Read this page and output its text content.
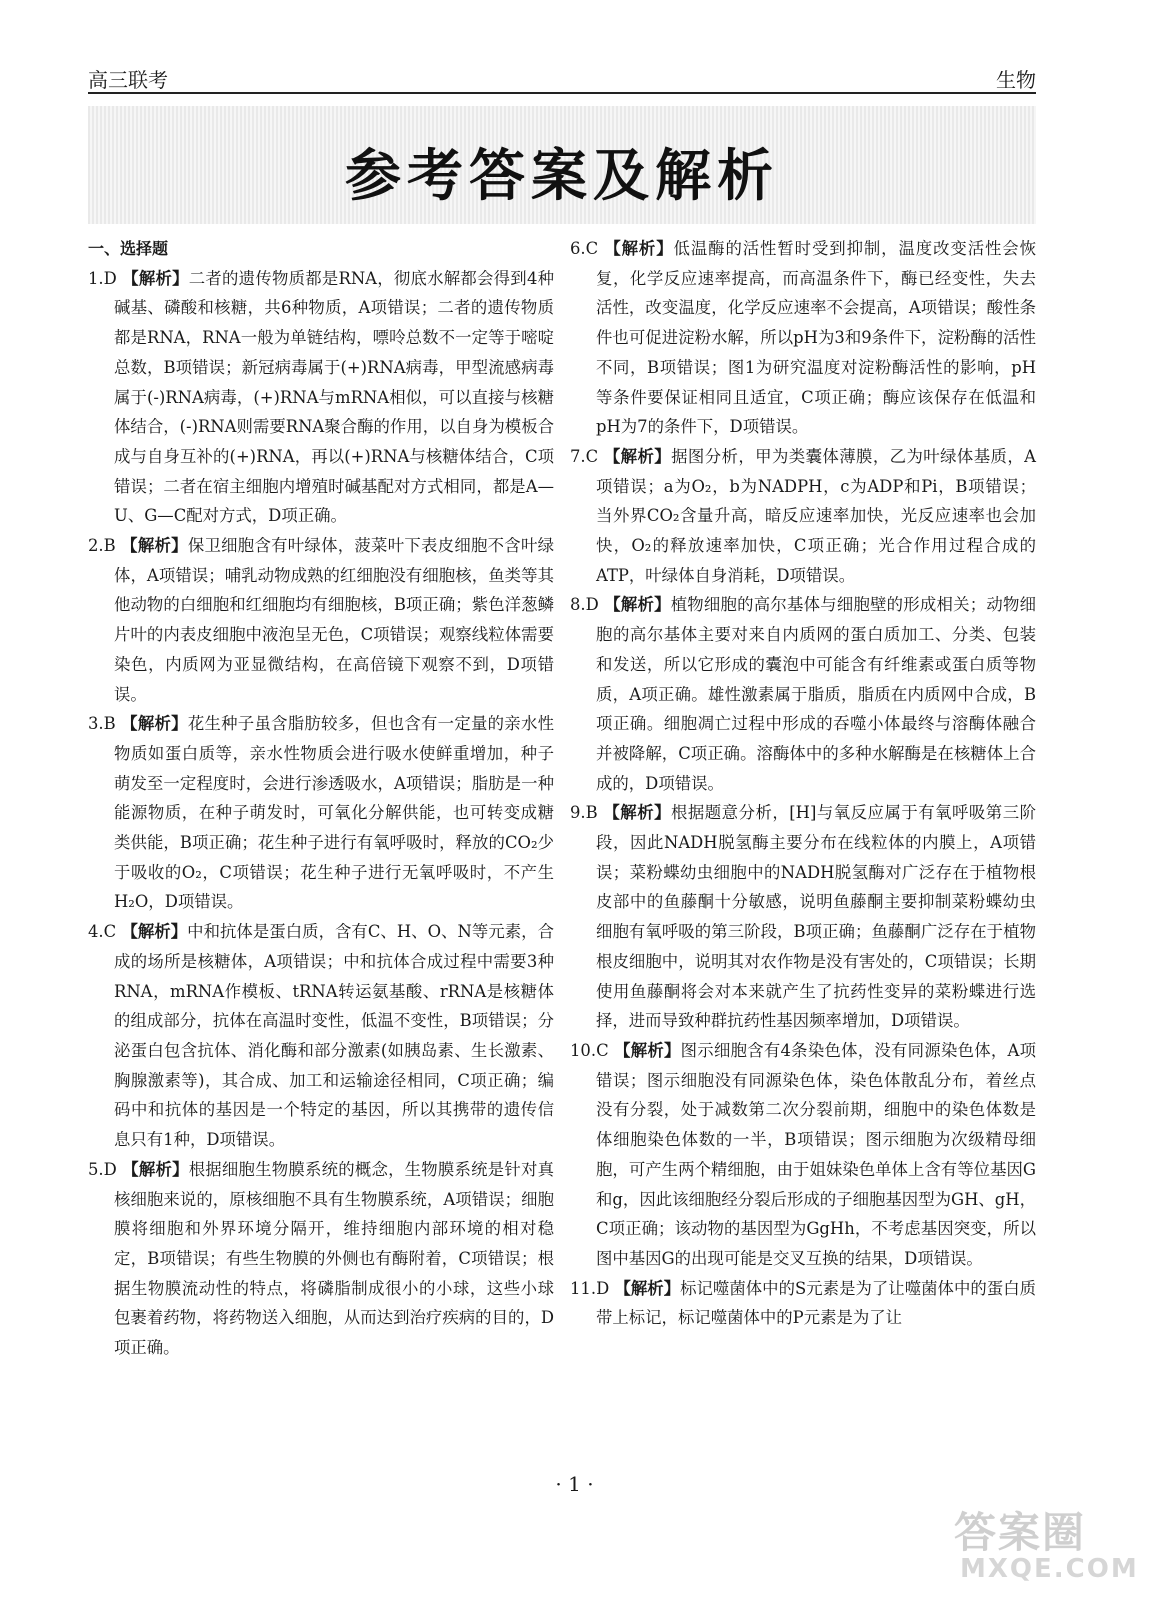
高三联考	生物
参考答案及解析
一、选择题

1.D 【解析】二者的遗传物质都是RNA，彻底水解都会得到4种碱基、磷酸和核糖，共6种物质，A项错误；二者的遗传物质都是RNA，RNA一般为单链结构，嘌呤总数不一定等于嘧啶总数，B项错误；新冠病毒属于(+)RNA病毒，甲型流感病毒属于(-)RNA病毒，(+)RNA与mRNA相似，可以直接与核糖体结合，(-)RNA则需要RNA聚合酶的作用，以自身为模板合成与自身互补的(+)RNA，再以(+)RNA与核糖体结合，C项错误；二者在宿主细胞内增殖时碱基配对方式相同，都是A—U、G—C配对方式，D项正确。

2.B 【解析】保卫细胞含有叶绿体，菠菜叶下表皮细胞不含叶绿体，A项错误；哺乳动物成熟的红细胞没有细胞核，鱼类等其他动物的白细胞和红细胞均有细胞核，B项正确；紫色洋葱鳞片叶的内表皮细胞中液泡呈无色，C项错误；观察线粒体需要染色，内质网为亚显微结构，在高倍镜下观察不到，D项错误。

3.B 【解析】花生种子虽含脂肪较多，但也含有一定量的亲水性物质如蛋白质等，亲水性物质会进行吸水使鲜重增加，种子萌发至一定程度时，会进行渗透吸水，A项错误；脂肪是一种能源物质，在种子萌发时，可氧化分解供能，也可转变成糖类供能，B项正确；花生种子进行有氧呼吸时，释放的CO₂少于吸收的O₂，C项错误；花生种子进行无氧呼吸时，不产生H₂O，D项错误。

4.C 【解析】中和抗体是蛋白质，含有C、H、O、N等元素，合成的场所是核糖体，A项错误；中和抗体合成过程中需要3种RNA，mRNA作模板、tRNA转运氨基酸、rRNA是核糖体的组成部分，抗体在高温时变性，低温不变性，B项错误；分泌蛋白包含抗体、消化酶和部分激素(如胰岛素、生长激素、胸腺激素等)，其合成、加工和运输途径相同，C项正确；编码中和抗体的基因是一个特定的基因，所以其携带的遗传信息只有1种，D项错误。

5.D 【解析】根据细胞生物膜系统的概念，生物膜系统是针对真核细胞来说的，原核细胞不具有生物膜系统，A项错误；细胞膜将细胞和外界环境分隔开，维持细胞内部环境的相对稳定，B项错误；有些生物膜的外侧也有酶附着，C项错误；根据生物膜流动性的特点，将磷脂制成很小的小球，这些小球包裹着药物，将药物送入细胞，从而达到治疗疾病的目的，D项正确。

6.C 【解析】低温酶的活性暂时受到抑制，温度改变活性会恢复，化学反应速率提高，而高温条件下，酶已经变性，失去活性，改变温度，化学反应速率不会提高，A项错误；酸性条件也可促进淀粉水解，所以pH为3和9条件下，淀粉酶的活性不同，B项错误；图1为研究温度对淀粉酶活性的影响，pH等条件要保证相同且适宜，C项正确；酶应该保存在低温和pH为7的条件下，D项错误。

7.C 【解析】据图分析，甲为类囊体薄膜，乙为叶绿体基质，A项错误；a为O₂，b为NADPH，c为ADP和Pi，B项错误；当外界CO₂含量升高，暗反应速率加快，光反应速率也会加快，O₂的释放速率加快，C项正确；光合作用过程合成的ATP，叶绿体自身消耗，D项错误。

8.D 【解析】植物细胞的高尔基体与细胞壁的形成相关；动物细胞的高尔基体主要对来自内质网的蛋白质加工、分类、包装和发送，所以它形成的囊泡中可能含有纤维素或蛋白质等物质，A项正确。雄性激素属于脂质，脂质在内质网中合成，B项正确。细胞凋亡过程中形成的吞噬小体最终与溶酶体融合并被降解，C项正确。溶酶体中的多种水解酶是在核糖体上合成的，D项错误。

9.B 【解析】根据题意分析，[H]与氧反应属于有氧呼吸第三阶段，因此NADH脱氢酶主要分布在线粒体的内膜上，A项错误；菜粉蝶幼虫细胞中的NADH脱氢酶对广泛存在于植物根皮部中的鱼藤酮十分敏感，说明鱼藤酮主要抑制菜粉蝶幼虫细胞有氧呼吸的第三阶段，B项正确；鱼藤酮广泛存在于植物根皮细胞中，说明其对农作物是没有害处的，C项错误；长期使用鱼藤酮将会对本来就产生了抗药性变异的菜粉蝶进行选择，进而导致种群抗药性基因频率增加，D项错误。

10.C 【解析】图示细胞含有4条染色体，没有同源染色体，A项错误；图示细胞没有同源染色体，染色体散乱分布，着丝点没有分裂，处于减数第二次分裂前期，细胞中的染色体数是体细胞染色体数的一半，B项错误；图示细胞为次级精母细胞，可产生两个精细胞，由于姐妹染色单体上含有等位基因G和g，因此该细胞经分裂后形成的子细胞基因型为GH、gH，C项正确；该动物的基因型为GgHh，不考虑基因突变，所以图中基因G的出现可能是交叉互换的结果，D项错误。

11.D 【解析】标记噬菌体中的S元素是为了让噬菌体中的蛋白质带上标记，标记噬菌体中的P元素是为了让

· 1 ·
答案圈
MXQE.COM
